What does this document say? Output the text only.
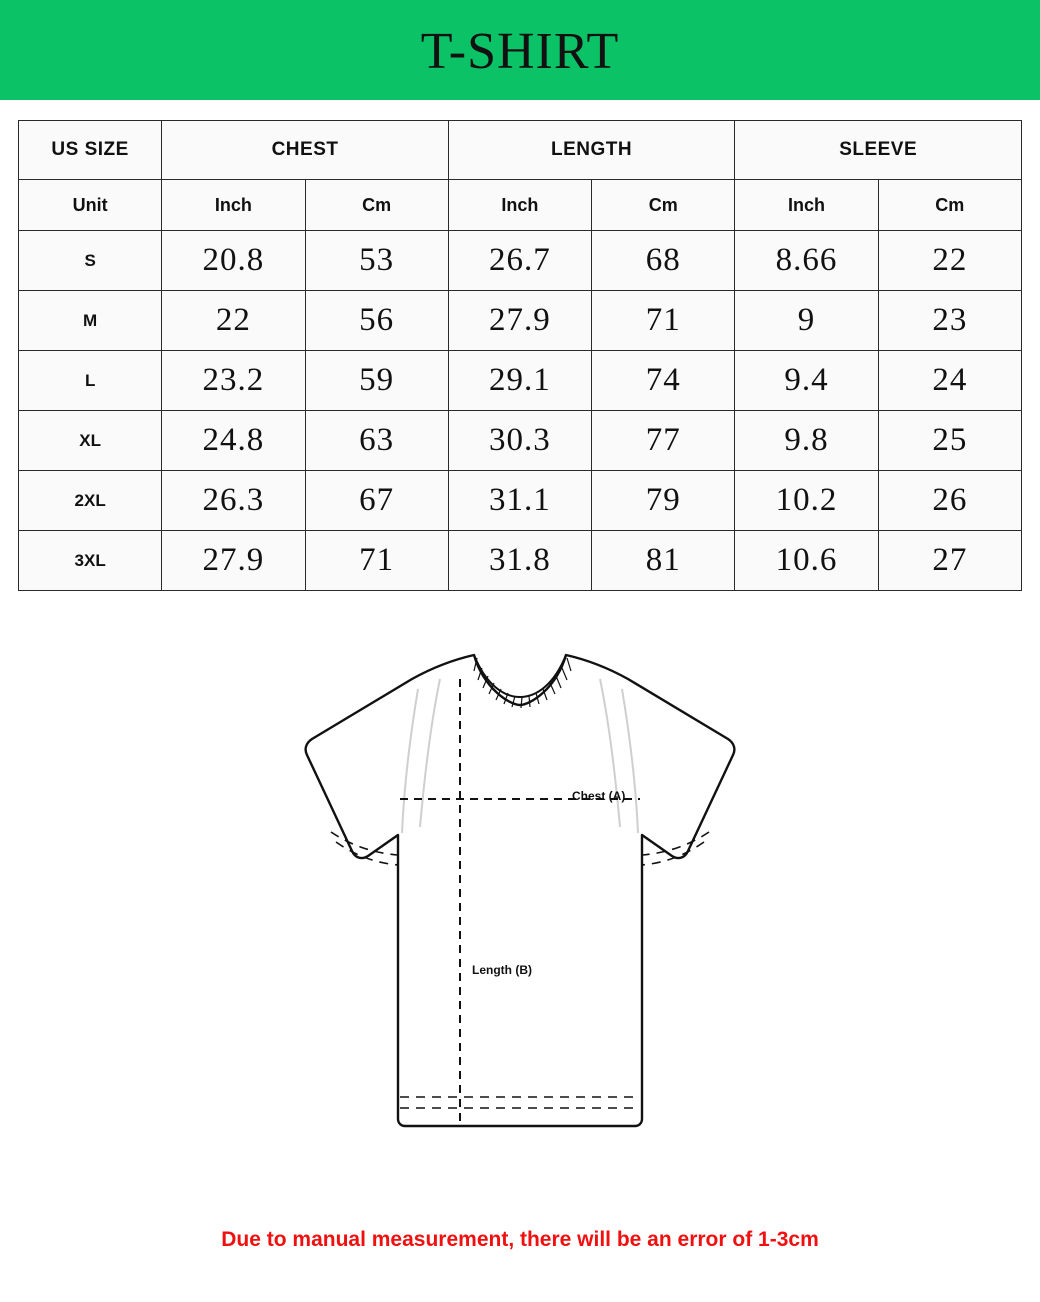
T-SHIRT
US SIZE	CHEST		LENGTH		SLEEVE	
Unit	Inch	Cm	Inch	Cm	Inch	Cm
S	20.8	53	26.7	68	8.66	22
M	22	56	27.9	71	9	23
L	23.2	59	29.1	74	9.4	24
XL	24.8	63	30.3	77	9.8	25
2XL	26.3	67	31.1	79	10.2	26
3XL	27.9	71	31.8	81	10.6	27
Chest (A)
Length (B)
Due to manual measurement, there will be an error of 1-3cm
